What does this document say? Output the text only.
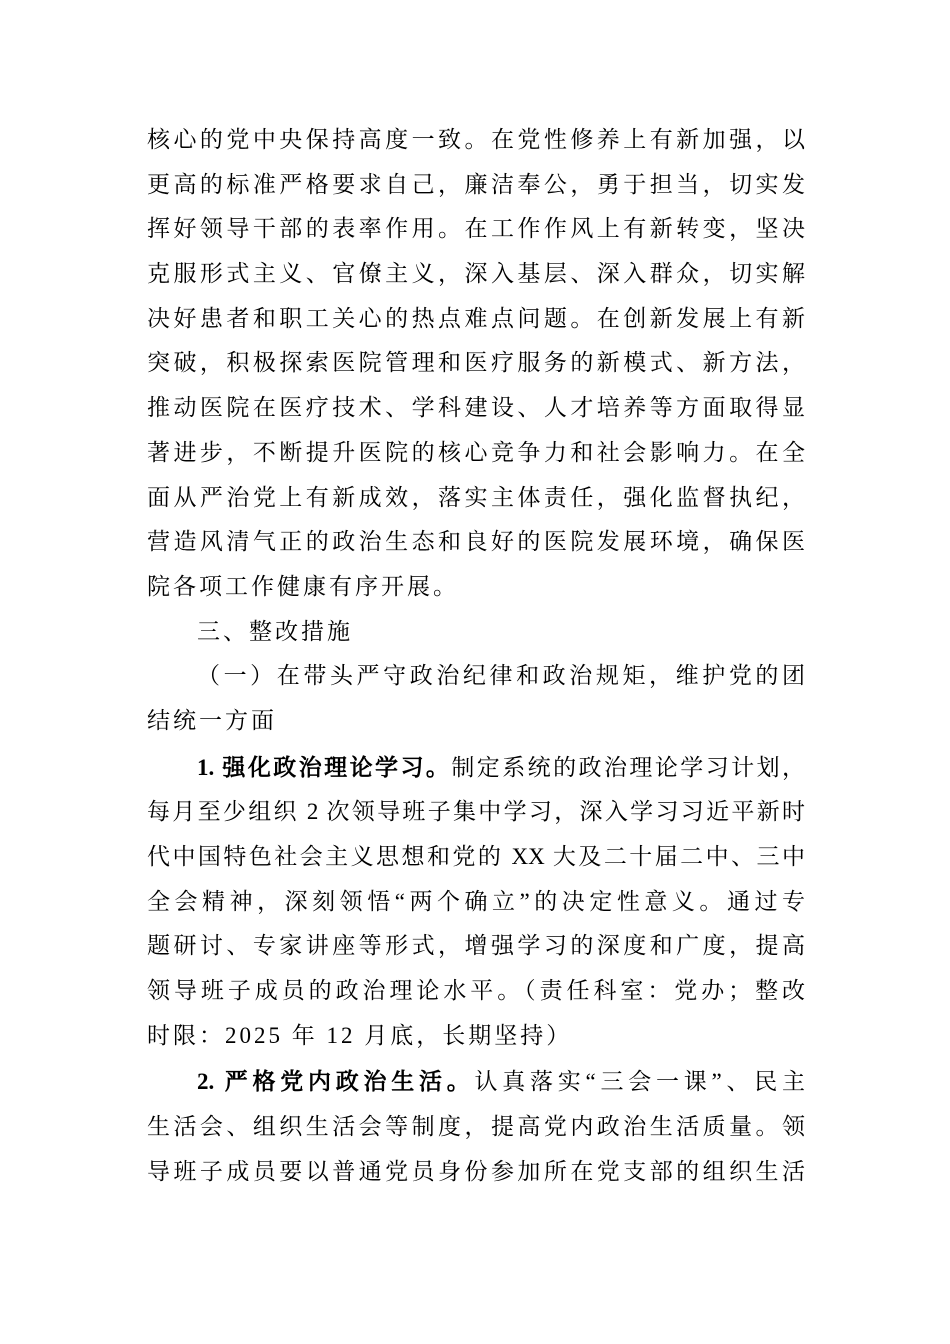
核心的党中央保持高度一致。在党性修养上有新加强，以
更高的标准严格要求自己，廉洁奉公，勇于担当，切实发
挥好领导干部的表率作用。在工作作风上有新转变，坚决
克服形式主义、官僚主义，深入基层、深入群众，切实解
决好患者和职工关心的热点难点问题。在创新发展上有新
突破，积极探索医院管理和医疗服务的新模式、新方法，
推动医院在医疗技术、学科建设、人才培养等方面取得显
著进步，不断提升医院的核心竞争力和社会影响力。在全
面从严治党上有新成效，落实主体责任，强化监督执纪，
营造风清气正的政治生态和良好的医院发展环境，确保医
院各项工作健康有序开展。
三、整改措施
（一）在带头严守政治纪律和政治规矩，维护党的团
结统一方面
1. 强化政治理论学习。制定系统的政治理论学习计划，
每月至少组织 2 次领导班子集中学习，深入学习习近平新时
代中国特色社会主义思想和党的 XX 大及二十届二中、三中
全会精神，深刻领悟“两个确立”的决定性意义。通过专
题研讨、专家讲座等形式，增强学习的深度和广度，提高
领导班子成员的政治理论水平。（责任科室：党办；整改
时限：2025 年 12 月底，长期坚持）
2. 严格党内政治生活。认真落实“三会一课”、民主
生活会、组织生活会等制度，提高党内政治生活质量。领
导班子成员要以普通党员身份参加所在党支部的组织生活
